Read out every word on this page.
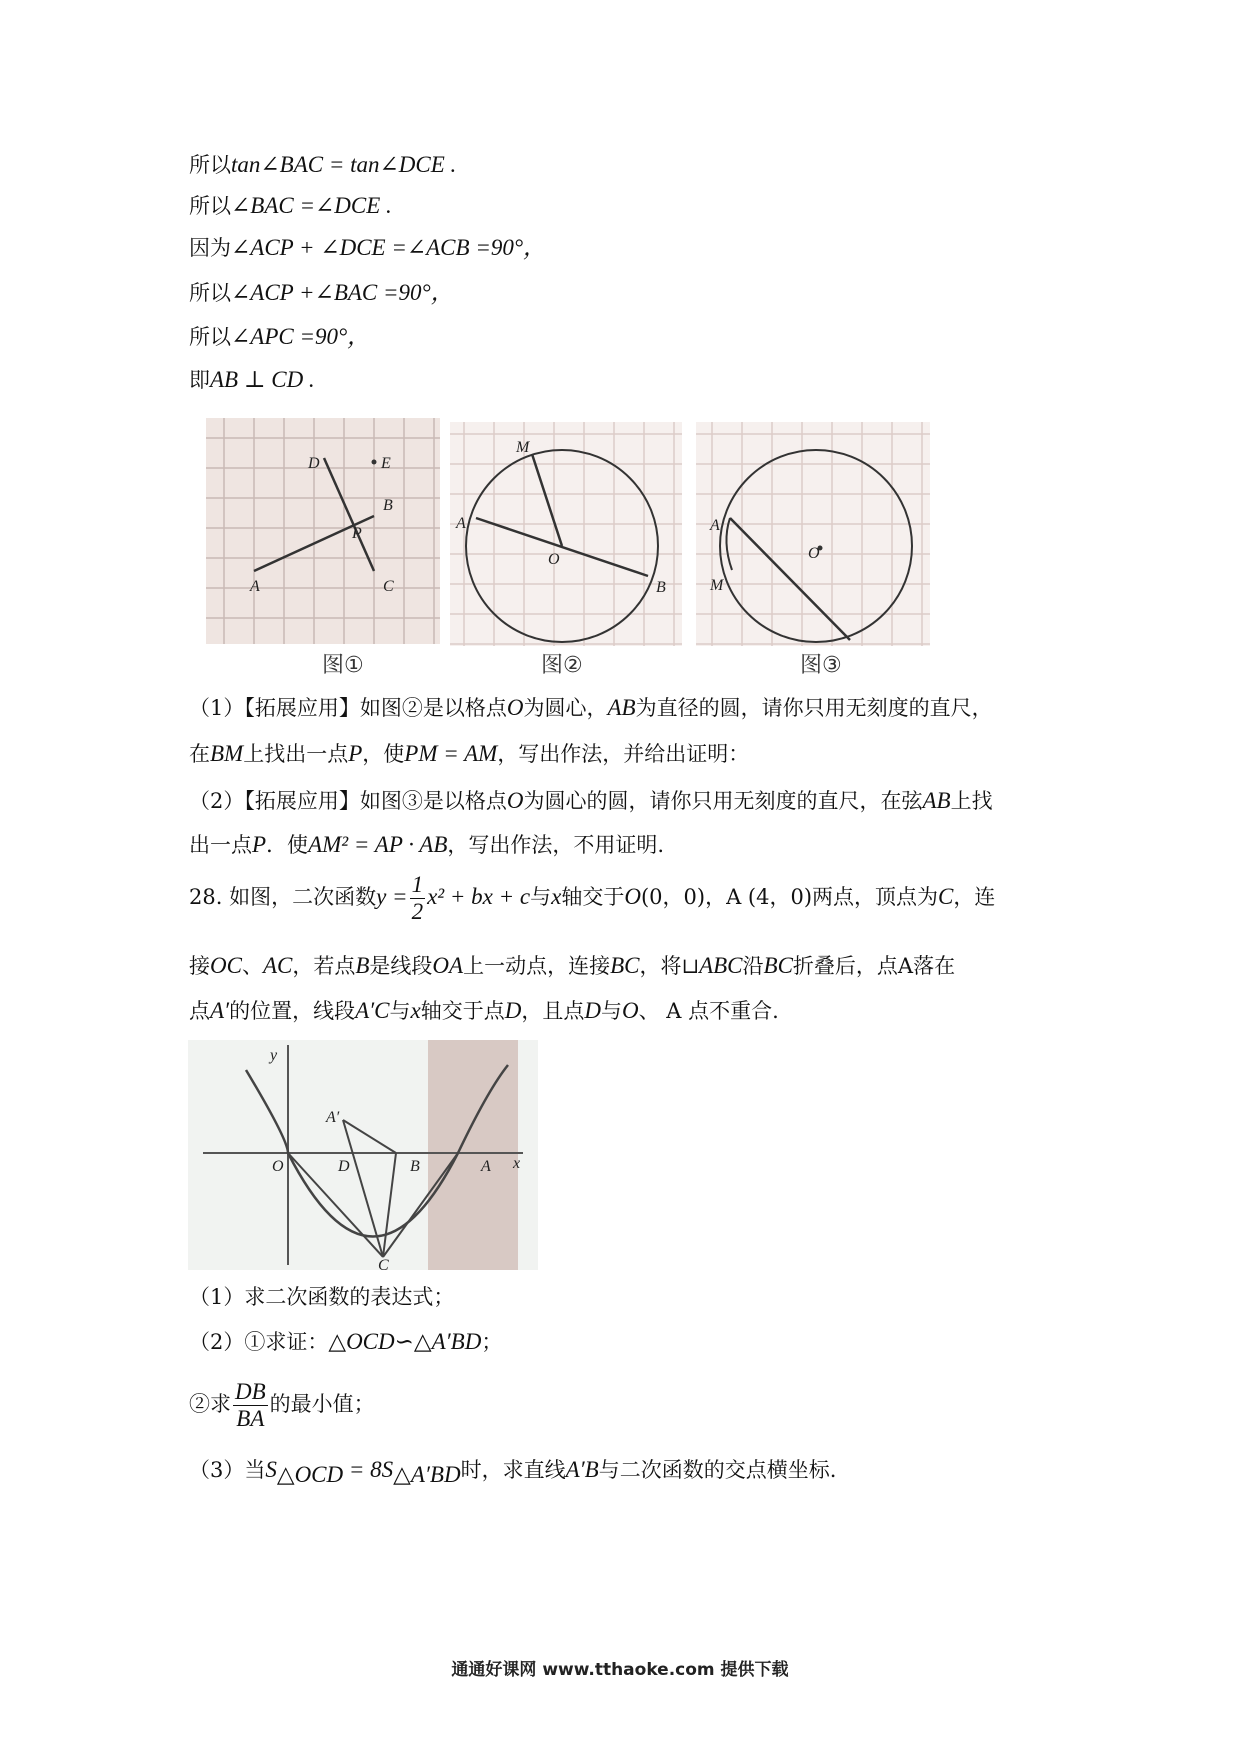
所以tan∠BAC = tan∠DCE .
所以∠BAC =∠DCE .
因为∠ACP + ∠DCE =∠ACB =90°，
所以∠ACP +∠BAC =90°，
所以∠APC =90°，
即AB ⊥ CD .
D	E
B
P
A	C
M
A
O
B
A
M
O
图①	图②	图③
（1）【拓展应用】如图②是以格点O为圆心，AB为直径的圆，请你只用无刻度的直尺，
在BM上找出一点P，使PM = AM，写出作法，并给出证明：
（2）【拓展应用】如图③是以格点O为圆心的圆，请你只用无刻度的直尺，在弦AB上找
出一点P．使AM² = AP · AB，写出作法，不用证明.
28. 如图，二次函数$y = \frac{1}{2} x^2$ + bx + c与x轴交于O(0，0)，A (4，0)两点，顶点为C，连
接OC、AC，若点B是线段OA上一动点，连接BC，将⊔ABC沿BC折叠后，点A落在
点A′的位置，线段A′C与x轴交于点D，且点D与O、 A 点不重合.
y
x
A′
O	D	B	A
C
（1）求二次函数的表达式；
（2）①求证：△OCD∽△A′BD；
②求 $\frac{DB}{BA}$ 的最小值；
（3）当$S_{\triangle OCD} = 8S_{\triangle A'BD}$时，求直线A′B与二次函数的交点横坐标.
通通好课网 www.tthaoke.com 提供下载
